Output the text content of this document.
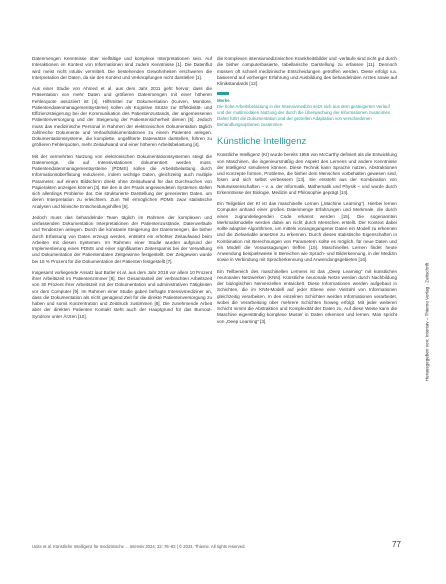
Datenmengen Kenntnisse über vielfältige und komplexe Interpretationen sein. Auf Interaktionen im Kontext von Informationen sind zudem Kenntnisse [1]. Die Datenflut wird meist nicht intuitiv vermittelt. Die bestehenden Gewohnheiten erschweren die Interpretation der Daten, da sie den Kontext und Verknüpfungen nicht darstellen [1].

Aus einer Studie von Ahmed et al. aus dem Jahr 2011 geht hervor, dass die Präsentation von mehr Daten und größeren Datenmengen mit einer höheren Fehlerquote assoziiert ist [4]. Hilfsmittel zur Dokumentation (Kurven, Monitore, Patientendatenmanagementsysteme) sollen als Kognitive Stütze zur Effektivität- und Effizienzsteigerung bei der Kommunikation des Patientenzustands, der angemessenen Patientenversorgung und der Steigerung der Patientensicherheit dienen [5]. Jedoch muss das medizinische Personal in Rahmen der elektronischen Dokumentation täglich zahlreiche Dokumente und Verlaufsdokumentationen zu einem Patienten anlegen. Dokumentationssysteme, die komplette, ungefilterte Datensätze darstellen, führen zu größeren Fehlerquoten, mehr Zeitaufwand und einer höheren Arbeitsbelastung [4].

Mit der vermehrten Nutzung von elektronischen Dokumentationssystemen steigt die Datenmenge, die auf Intensivstationen dokumentiert werden muss. Patientendatenmanagementsysteme (PDMS) sollen die Arbeitsbelastung durch Informationsüberflutung reduzieren, indem wichtige Daten, gleichzeitig auch multiple Parameter, auf einem Bildschirm direkt ohne Zeitaufwand für das Durchsuchen von Papierakten anzeigen können [3]. Bei den in der Praxis angewendeten Systemen stellen sich allerdings Probleme dar. Die strukturierte Darstellung der generierten Daten, um deren Interpretation zu erleichtern. Zum Teil ermöglichen PDMS zwar statistische Analysen und klinische Entscheidungshilfen [6].

Jedoch muss das behandelnde Team täglich im Rahmen der komplexen und umfassenden Dokumentation Interpretationen der Patientenzustände, Datenverläufe und Tendenzen anlegen. Durch die konstante Steigerung der Datenmengen, die bisher durch Erfassung von Daten erzeugt werden, entsteht ein erhöhter Zeitaufwand beim Arbeiten mit diesen Systemen. Im Rahmen einer Studie wurden aufgrund der Implementierung eines PDMS und einer signifikanten Zeitersparnis bei der Verwaltung und Dokumentation der Patientendaten Zeitgewinne festgestellt. Der Zeitgewinn wurde bei 15 % Prozent für die Dokumentation der Patienten festgestellt [7].

Insgesamt vorliegende Ansatz laut Butler et al. aus dem Jahr 2018 vor allem 10 Prozent ihrer Arbeitszeit im Patientenzimmer [8]. Der Gesamtanteil der verbrachten Arbeitszeit von 30 Prozent ihrer Arbeitszeit mit der Dokumentation und administrativen Tätigkeiten vor dem Computer [9]. Im Rahmen einer Studie gaben befragte Intensivmediziner an, dass die Dokumentation als nicht genügend Zeit für die direkte Patientenversorgung zu haben und somit Konzentration und Zeitdruck zustimmen [8]. Die zunehmende Arbeit aber der direkten Patienten Kontakt steht auch der Hauptgrund für das Burnout-Syndrom unter Ärzten [10].

die Komplexen intensivmedizinischen Krankheitsbilder und -verläufe sind nicht gut durch die bisher computerbasierte, tabellarische Darstellung zu erfassen [11]. Dennoch müssen oft schnell medizinische Entscheidungen getroffen werden. Diese erfolgt v.a. basierend auf vorheriger Erfahrung und Ausbildung des behandelnden Arztes sowie auf Klinikstandards [12].

Merke
Die hohe Arbeitsbelastung in der Intensivmedizin setzt sich aus dem gesteigerten Verlauf und der multimodalen Nutzung der durch die Überwachung der Informationen zusammen. Daher führt die Dokumentation und der gezielten Adaptation von verschiedenen Behandlungsoptionen zusammen.
Künstliche Intelligenz

Künstliche Intelligenz (KI) wurde bereits 1955 von McCarthy definiert als die Entwicklung von Maschinen, die ingenieursmäßig den Aspekt des Lernens und andere Kenntnisse der Intelligenz simulieren können. Diese Technik kann Sprache nutzen, Abstraktionen und Konzepte formen, Probleme, die bisher dem Menschen vorbehalten gewesen sind, lösen und sich selbst verbessern [13]. Sie entsteht aus der Kombination von Naturwissenschaften – v. a. der Informatik, Mathematik und Physik – und wurde durch Erkenntnisse der Biologie, Medizin und Philosophie geprägt [14].

Ein Teilgebiet der KI ist das maschinelle Lernen („Machine Learning“). Hierbei lernen Computer anhand einer großen Datenmenge Erfahrungen und Merkmale, die durch einen zugrundeliegenden Code erkannt werden [15]. Die sogenannten Merkmalsmodelle werden dabei an nicht durch Menschen erstellt. Der Kontext dabei sollte adaptive Algorithmen, um mittels vorangegangener Daten ein Modell zu erkennen und die Zielvariable ansetzen zu erkennen. Durch dieses statistische Eigenschaften in Kombination mit Berechnungen von Parametern sollte es möglich, für neue Daten und ein Modell die Voraussagungen treffen [15]. Maschinelles Lernen findet heute Anwendung beispielsweise in Bereichen wie Sprach- und Bilderkennung, in der Medizin sowie in Verbindung mit Spracherkennung und Anwendungsgebieten [16].

Ein Teilbereich des maschinellen Lernens ist das „Deep Learning“ mit künstlichen neuronalen Netzwerken (KNN). Künstliche neuronale Netze werden durch Nachbildung der biologischen Nervenzellen entwickelt. Diese Informationen werden aufgebaut in Schichten, die im KNN-Modell auf jeder Ebene eine Vielzahl von Informationen gleichzeitig verarbeiten. In den einzelnen Schichten werden Informationen verarbeitet, wobei die Verarbeitung über mehrere Schichten hinweg erfolgt. Mit jeder weiteren Schicht nimmt die Abstraktion und Komplexität der Daten zu. Auf diese Weise kann die Maschine eigenständig komplexe Muster in Daten erkennen und lernen. Man spricht von „Deep Learning“ [3].	Herausgegeben von: Intensiv – Thieme Verlag · Zeitschrift
Unite et al. Künstliche Intelligenz für medizinische ... Intensiv 2024; 32: 76–82 | © 2024. Thieme. All rights reserved.	77
